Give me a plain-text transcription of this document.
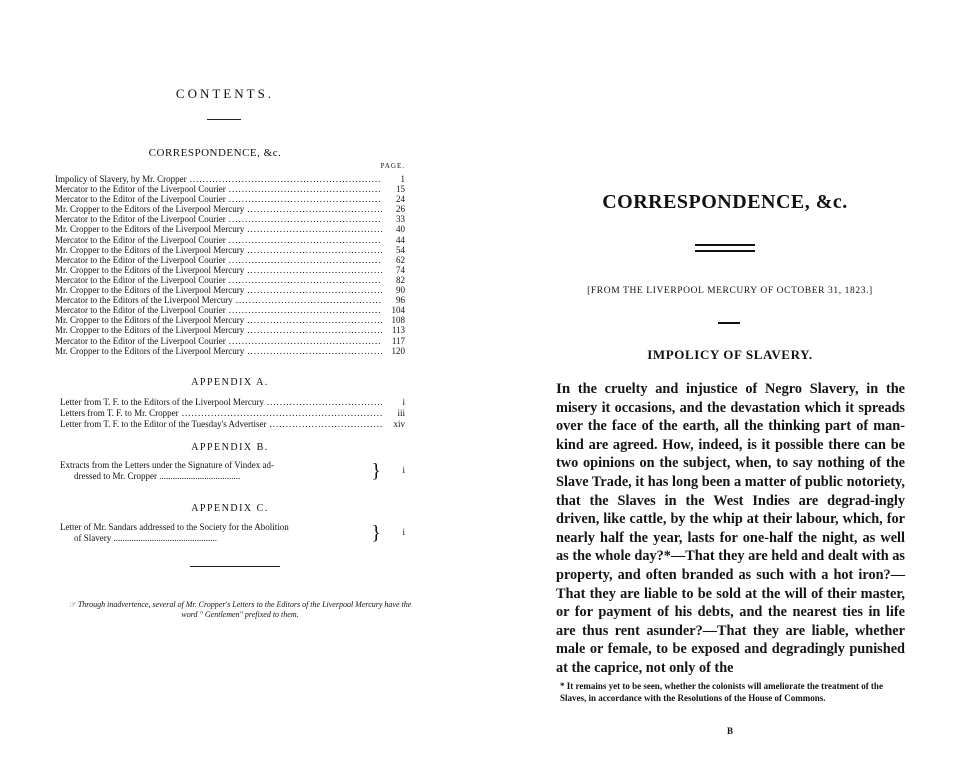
CONTENTS.
CORRESPONDENCE, &c.
PAGE.
Impolicy of Slavery, by Mr. Cropper .....	1
Mercator to the Editor of the Liverpool Courier .....	15
Mercator to the Editor of the Liverpool Courier .....	24
Mr. Cropper to the Editors of the Liverpool Mercury .....	26
Mercator to the Editor of the Liverpool Courier .....	33
Mr. Cropper to the Editors of the Liverpool Mercury .....	40
Mercator to the Editor of the Liverpool Courier .....	44
Mr. Cropper to the Editors of the Liverpool Mercury .....	54
Mercator to the Editor of the Liverpool Courier .....	62
Mr. Cropper to the Editors of the Liverpool Mercury .....	74
Mercator to the Editor of the Liverpool Courier .....	82
Mr. Cropper to the Editors of the Liverpool Mercury .....	90
Mercator to the Editors of the Liverpool Mercury .....	96
Mercator to the Editor of the Liverpool Courier .....	104
Mr. Cropper to the Editors of the Liverpool Mercury .....	108
Mr. Cropper to the Editors of the Liverpool Mercury .....	113
Mercator to the Editor of the Liverpool Courier .....	117
Mr. Cropper to the Editors of the Liverpool Mercury .....	120
APPENDIX A.
Letter from T. F. to the Editors of the Liverpool Mercury .....	i
Letters from T. F. to Mr. Cropper .....	iii
Letter from T. F. to the Editor of the Tuesday's Advertiser .....	xiv
APPENDIX B.
Extracts from the Letters under the Signature of Vindex ad-
dressed to Mr. Cropper ....................................	}	i
APPENDIX C.
Letter of Mr. Sandars addressed to the Society for the Abolition
of Slavery ..............................................	}	i
☞ Through inadvertence, several of Mr. Cropper's Letters to the Editors of the Liverpool Mercury have the word " Gentlemen" prefixed to them.
CORRESPONDENCE, &c.
[FROM THE LIVERPOOL MERCURY OF OCTOBER 31, 1823.]
IMPOLICY OF SLAVERY.
In the cruelty and injustice of Negro Slavery, in the misery it occasions, and the devastation which it spreads over the face of the earth, all the thinking part of man-kind are agreed. How, indeed, is it possible there can be two opinions on the subject, when, to say nothing of the Slave Trade, it has long been a matter of public notoriety, that the Slaves in the West Indies are degrad-ingly driven, like cattle, by the whip at their labour, which, for nearly half the year, lasts for one-half the night, as well as the whole day?*—That they are held and dealt with as property, and often branded as such with a hot iron?—That they are liable to be sold at the will of their master, or for payment of his debts, and the nearest ties in life are thus rent asunder?—That they are liable, whether male or female, to be exposed and degradingly punished at the caprice, not only of the
* It remains yet to be seen, whether the colonists will ameliorate the treatment of the Slaves, in accordance with the Resolutions of the House of Commons.
B
